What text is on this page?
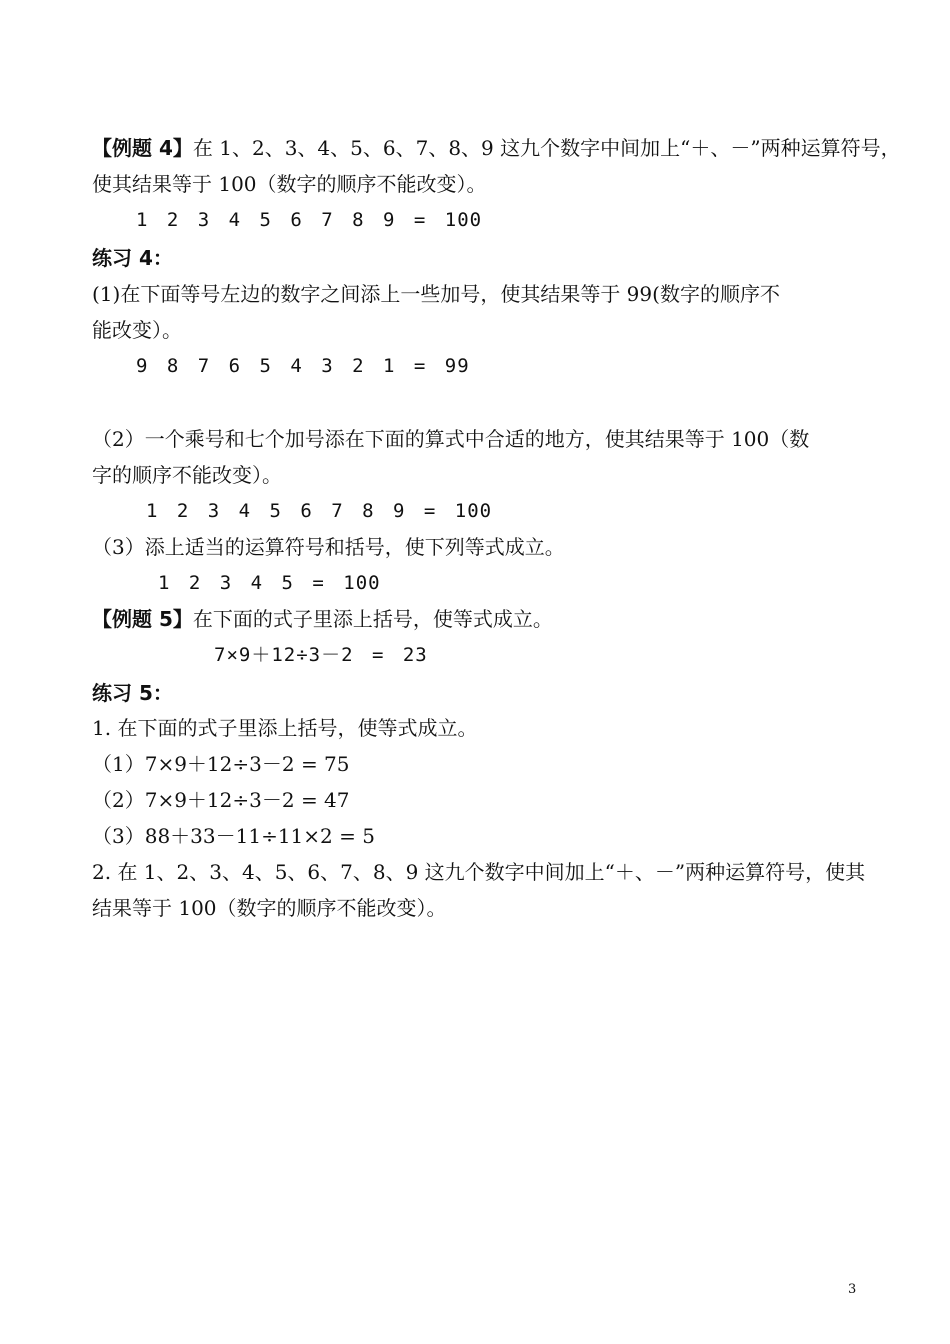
【例题 4】在 1、2、3、4、5、6、7、8、9 这九个数字中间加上“＋、－”两种运算符号，
使其结果等于 100（数字的顺序不能改变）。
1 2 3 4 5 6 7 8 9 = 100
练习 4：
(1)在下面等号左边的数字之间添上一些加号，使其结果等于 99(数字的顺序不
能改变）。
9 8 7 6 5 4 3 2 1 = 99
（2）一个乘号和七个加号添在下面的算式中合适的地方，使其结果等于 100（数
字的顺序不能改变）。
1 2 3 4 5 6 7 8 9 = 100
（3）添上适当的运算符号和括号，使下列等式成立。
1 2 3 4 5 = 100
【例题 5】在下面的式子里添上括号，使等式成立。
7×9＋12÷3－2 = 23
练习 5：
1. 在下面的式子里添上括号，使等式成立。
（1）7×9＋12÷3－2 = 75
（2）7×9＋12÷3－2 = 47
（3）88＋33－11÷11×2 = 5
2. 在 1、2、3、4、5、6、7、8、9 这九个数字中间加上“＋、－”两种运算符号，使其
结果等于 100（数字的顺序不能改变）。
3
